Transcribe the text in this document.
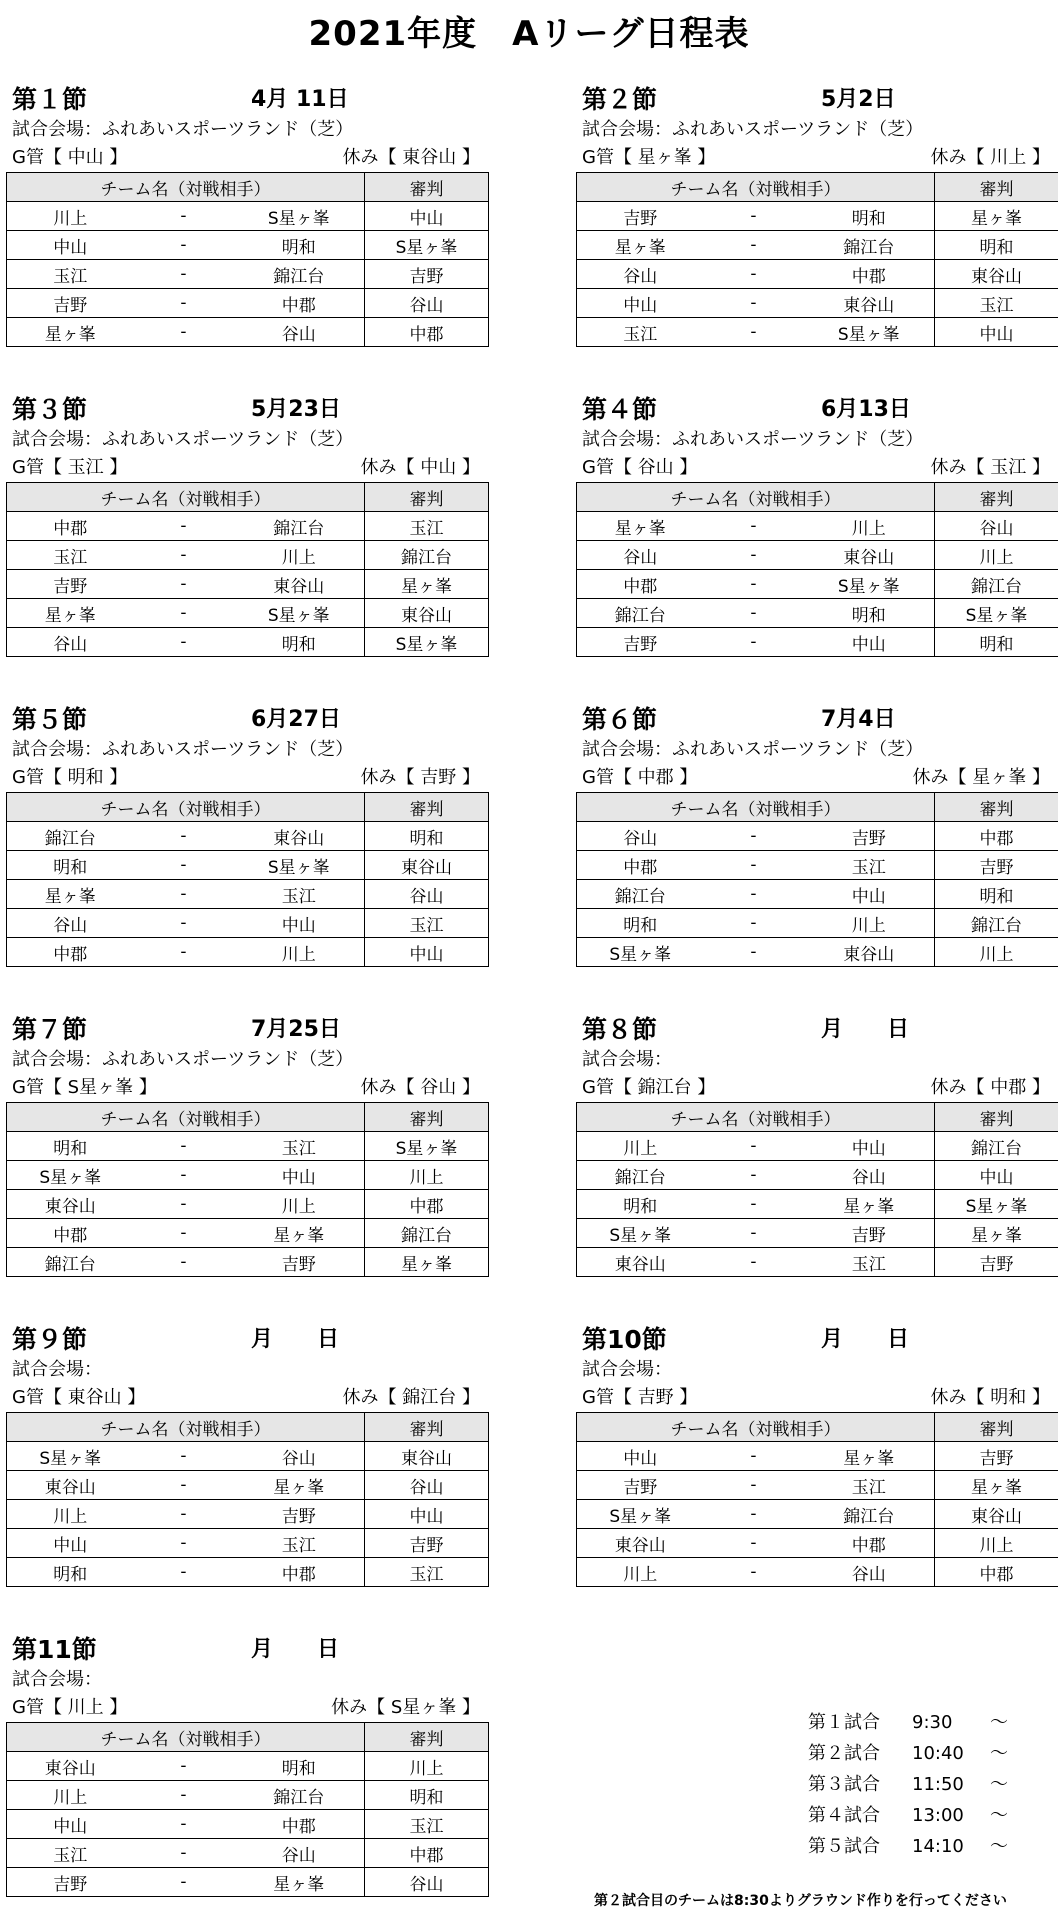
2021年度　Aリーグ日程表
第１節	4月 11日
試合会場：ふれあいスポーツランド（芝）
G管【 中山 】	休み【 東谷山 】
チーム名（対戦相手）			審判
川上	-	S星ヶ峯	中山
中山	-	明和	S星ヶ峯
玉江	-	錦江台	吉野
吉野	-	中郡	谷山
星ヶ峯	-	谷山	中郡
第２節	5月2日
試合会場：ふれあいスポーツランド（芝）
G管【 星ヶ峯 】	休み【 川上 】
チーム名（対戦相手）			審判
吉野	-	明和	星ヶ峯
星ヶ峯	-	錦江台	明和
谷山	-	中郡	東谷山
中山	-	東谷山	玉江
玉江	-	S星ヶ峯	中山
第３節	5月23日
試合会場：ふれあいスポーツランド（芝）
G管【 玉江 】	休み【 中山 】
チーム名（対戦相手）			審判
中郡	-	錦江台	玉江
玉江	-	川上	錦江台
吉野	-	東谷山	星ヶ峯
星ヶ峯	-	S星ヶ峯	東谷山
谷山	-	明和	S星ヶ峯
第４節	6月13日
試合会場：ふれあいスポーツランド（芝）
G管【 谷山 】	休み【 玉江 】
チーム名（対戦相手）			審判
星ヶ峯	-	川上	谷山
谷山	-	東谷山	川上
中郡	-	S星ヶ峯	錦江台
錦江台	-	明和	S星ヶ峯
吉野	-	中山	明和
第５節	6月27日
試合会場：ふれあいスポーツランド（芝）
G管【 明和 】	休み【 吉野 】
チーム名（対戦相手）			審判
錦江台	-	東谷山	明和
明和	-	S星ヶ峯	東谷山
星ヶ峯	-	玉江	谷山
谷山	-	中山	玉江
中郡	-	川上	中山
第６節	7月4日
試合会場：ふれあいスポーツランド（芝）
G管【 中郡 】	休み【 星ヶ峯 】
チーム名（対戦相手）			審判
谷山	-	吉野	中郡
中郡	-	玉江	吉野
錦江台	-	中山	明和
明和	-	川上	錦江台
S星ヶ峯	-	東谷山	川上
第７節	7月25日
試合会場：ふれあいスポーツランド（芝）
G管【 S星ヶ峯 】	休み【 谷山 】
チーム名（対戦相手）			審判
明和	-	玉江	S星ヶ峯
S星ヶ峯	-	中山	川上
東谷山	-	川上	中郡
中郡	-	星ヶ峯	錦江台
錦江台	-	吉野	星ヶ峯
第８節	月　　日
試合会場：
G管【 錦江台 】	休み【 中郡 】
チーム名（対戦相手）			審判
川上	-	中山	錦江台
錦江台	-	谷山	中山
明和	-	星ヶ峯	S星ヶ峯
S星ヶ峯	-	吉野	星ヶ峯
東谷山	-	玉江	吉野
第９節	月　　日
試合会場：
G管【 東谷山 】	休み【 錦江台 】
チーム名（対戦相手）			審判
S星ヶ峯	-	谷山	東谷山
東谷山	-	星ヶ峯	谷山
川上	-	吉野	中山
中山	-	玉江	吉野
明和	-	中郡	玉江
第10節	月　　日
試合会場：
G管【 吉野 】	休み【 明和 】
チーム名（対戦相手）			審判
中山	-	星ヶ峯	吉野
吉野	-	玉江	星ヶ峯
S星ヶ峯	-	錦江台	東谷山
東谷山	-	中郡	川上
川上	-	谷山	中郡
第11節	月　　日
試合会場：
G管【 川上 】	休み【 S星ヶ峯 】
チーム名（対戦相手）			審判
東谷山	-	明和	川上
川上	-	錦江台	明和
中山	-	中郡	玉江
玉江	-	谷山	中郡
吉野	-	星ヶ峯	谷山
第１試合 9:30 ～
第２試合 10:40 ～
第３試合 11:50 ～
第４試合 13:00 ～
第５試合 14:10 ～
第２試合目のチームは8:30よりグラウンド作りを行ってください
